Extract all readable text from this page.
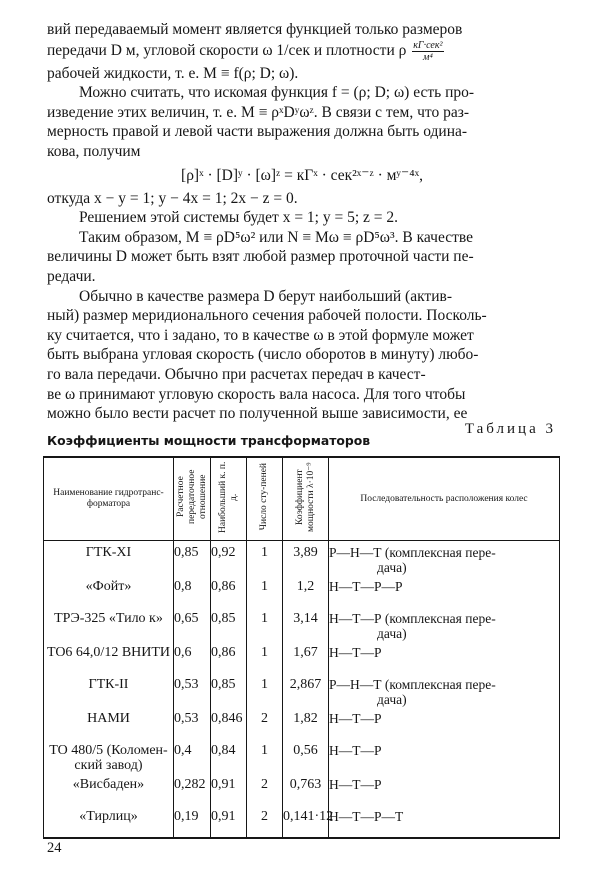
вий передаваемый момент является функцией только размеров
передачи D м, угловой скорости ω 1/сек и плотности ρ $\frac{\text{кГ·сек²}}{\text{м⁴}}$
рабочей жидкости, т. е. M ≡ f(ρ; D; ω).
Можно считать, что искомая функция f = (ρ; D; ω) есть про-
изведение этих величин, т. е. M ≡ ρˣDʸωᶻ. В связи с тем, что раз-
мерность правой и левой части выражения должна быть одина-
кова, получим
[ρ]ˣ · [D]ʸ · [ω]ᶻ = кГˣ · сек²ˣ⁻ᶻ · мʸ⁻⁴ˣ,
откуда x − y = 1; y − 4x = 1; 2x − z = 0.
Решением этой системы будет x = 1; y = 5; z = 2.
Таким образом, M ≡ ρD⁵ω² или N ≡ Mω ≡ ρD⁵ω³. В качестве
величины D может быть взят любой размер проточной части пе-
редачи.
Обычно в качестве размера D берут наибольший (актив-
ный) размер меридионального сечения рабочей полости. Посколь-
ку считается, что i задано, то в качестве ω в этой формуле может
быть выбрана угловая скорость (число оборотов в минуту) любо-
го вала передачи. Обычно при расчетах передач в качест-
ве ω принимают угловую скорость вала насоса. Для того чтобы
можно было вести расчет по полученной выше зависимости, ее
Таблица 3
Коэффициенты мощности трансформаторов
Наименование гидротранс-форматора	Расчетное передаточное отношение	Наибольший к. п. д.	Число сту-пеней	Коэффициент мощности λ·10⁻⁹	Последовательность расположения колес
ГТК-XI	0,85	0,92	1	3,89	Р—Н—Т (комплексная пере-
дача)

«Фойт»	0,8	0,86	1	1,2	Н—Т—Р—Р

ТРЭ-325 «Тило к»	0,65	0,85	1	3,14	Н—Т—Р (комплексная пере-
дача)

ТО6 64,0/12 ВНИТИ	0,6	0,86	1	1,67	Н—Т—Р

ГТК-II	0,53	0,85	1	2,867	Р—Н—Т (комплексная пере-
дача)

НАМИ	0,53	0,846	2	1,82	Н—Т—Р

ТО 480/5 (Коломен-ский завод)	0,4	0,84	1	0,56	Н—Т—Р

«Висбаден»	0,282	0,91	2	0,763	Н—Т—Р

«Тирлиц»	0,19	0,91	2	0,141·12	Н—Т—Р—Т
24
